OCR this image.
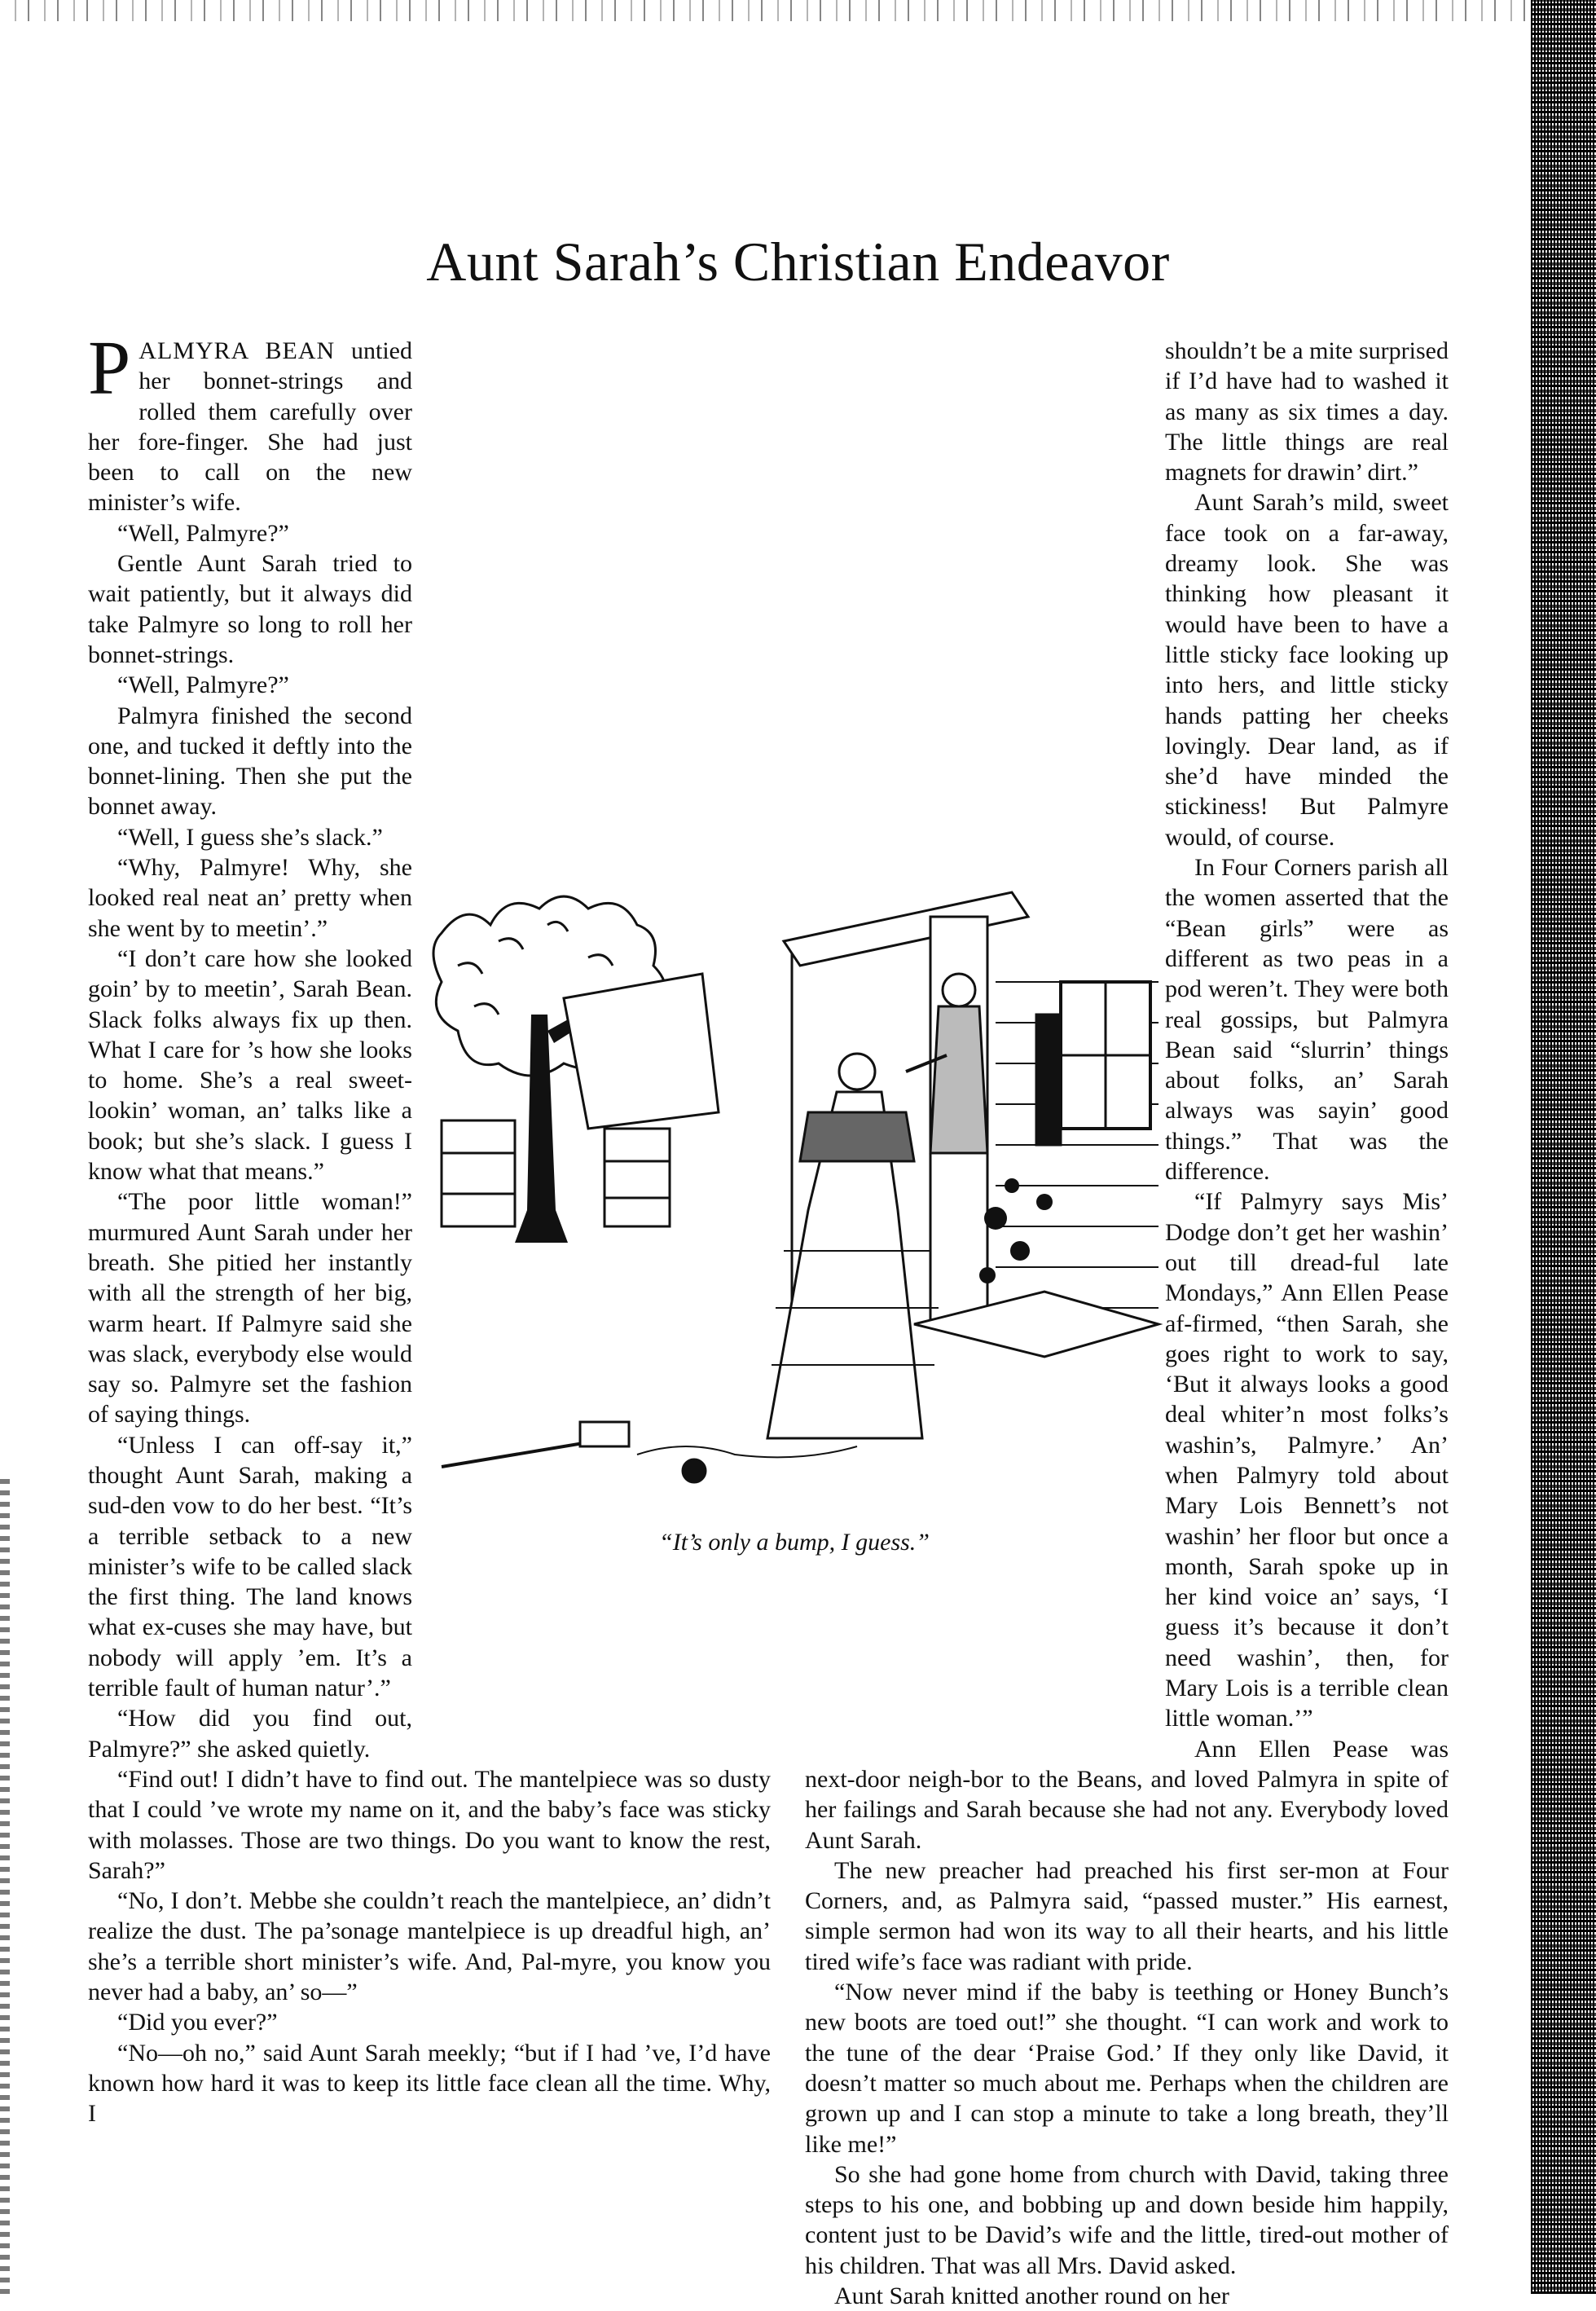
Aunt Sarah’s Christian Endeavor

PALMYRA BEAN untied her bonnet-strings and rolled them carefully over her fore-finger. She had just been to call on the new minister’s wife.

“Well, Palmyre?”

Gentle Aunt Sarah tried to wait patiently, but it always did take Palmyre so long to roll her bonnet-strings.

“Well, Palmyre?”

Palmyra finished the second one, and tucked it deftly into the bonnet-lining. Then she put the bonnet away.

“Well, I guess she’s slack.”

“Why, Palmyre! Why, she looked real neat an’ pretty when she went by to meetin’.”

“I don’t care how she looked goin’ by to meetin’, Sarah Bean. Slack folks always fix up then. What I care for ’s how she looks to home. She’s a real sweet-lookin’ woman, an’ talks like a book; but she’s slack. I guess I know what that means.”

“The poor little woman!” murmured Aunt Sarah under her breath. She pitied her instantly with all the strength of her big, warm heart. If Palmyre said she was slack, everybody else would say so. Palmyre set the fashion of saying things.

“Unless I can off-say it,” thought Aunt Sarah, making a sud-den vow to do her best. “It’s a terrible setback to a new minister’s wife to be called slack the first thing. The land knows what ex-cuses she may have, but nobody will apply ’em. It’s a terrible fault of human natur’.”

“How did you find out, Palmyre?” she asked quietly.

“Find out! I didn’t have to find out. The mantelpiece was so dusty that I could ’ve wrote my name on it, and the baby’s face was sticky with molasses. Those are two things. Do you want to know the rest, Sarah?”

“No, I don’t. Mebbe she couldn’t reach the mantelpiece, an’ didn’t realize the dust. The pa’sonage mantelpiece is up dreadful high, an’ she’s a terrible short minister’s wife. And, Pal-myre, you know you never had a baby, an’ so—”

“Did you ever?”

“No—oh no,” said Aunt Sarah meekly; “but if I had ’ve, I’d have known how hard it was to keep its little face clean all the time. Why, I

shouldn’t be a mite surprised if I’d have had to washed it as many as six times a day. The little things are real magnets for drawin’ dirt.”

Aunt Sarah’s mild, sweet face took on a far-away, dreamy look. She was thinking how pleasant it would have been to have a little sticky face looking up into hers, and little sticky hands patting her cheeks lovingly. Dear land, as if she’d have minded the stickiness! But Palmyre would, of course.

In Four Corners parish all the women asserted that the “Bean girls” were as different as two peas in a pod weren’t. They were both real gossips, but Palmyra Bean said “slurrin’ things about folks, an’ Sarah always was sayin’ good things.” That was the difference.

“If Palmyry says Mis’ Dodge don’t get her washin’ out till dread-ful late Mondays,” Ann Ellen Pease af-firmed, “then Sarah, she goes right to work to say, ‘But it always looks a good deal whiter’n most folks’s washin’s, Palmyre.’ An’ when Palmyry told about Mary Lois Bennett’s not washin’ her floor but once a month, Sarah spoke up in her kind voice an’ says, ‘I guess it’s because it don’t need washin’, then, for Mary Lois is a terrible clean little woman.’”

Ann Ellen Pease was next-door neigh-bor to the Beans, and loved Palmyra in spite of her failings and Sarah because she had not any. Everybody loved Aunt Sarah.

The new preacher had preached his first ser-mon at Four Corners, and, as Palmyra said, “passed muster.” His earnest, simple sermon had won its way to all their hearts, and his little tired wife’s face was radiant with pride.

“Now never mind if the baby is teething or Honey Bunch’s new boots are toed out!” she thought. “I can work and work to the tune of the dear ‘Praise God.’ If they only like David, it doesn’t matter so much about me. Perhaps when the children are grown up and I can stop a minute to take a long breath, they’ll like me!”

So she had gone home from church with David, taking three steps to his one, and bobbing up and down beside him happily, content just to be David’s wife and the little, tired-out mother of his children. That was all Mrs. David asked.

Aunt Sarah knitted another round on her

“It’s only a bump, I guess.”
